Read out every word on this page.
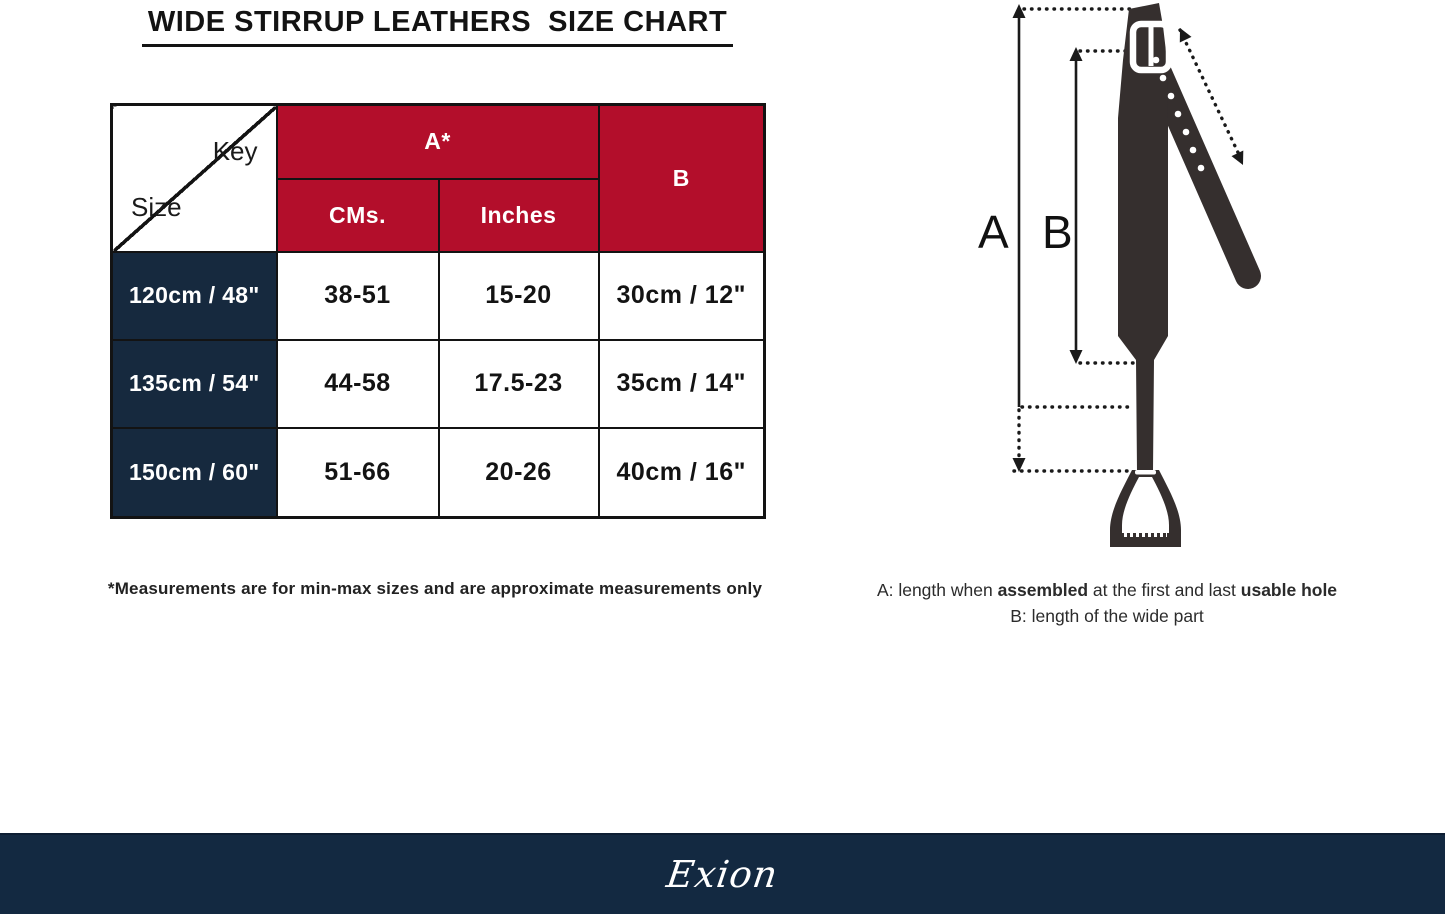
WIDE STIRRUP LEATHERS  SIZE CHART
Key
Size	A*		B
	CMs.	Inches	
120cm / 48"	38-51	15-20	30cm / 12"
135cm / 54"	44-58	17.5-23	35cm / 14"
150cm / 60"	51-66	20-26	40cm / 16"
*Measurements are for min-max sizes and are approximate measurements only
A B
A: length when assembled at the first and last usable hole
B: length of the wide part
Exion
